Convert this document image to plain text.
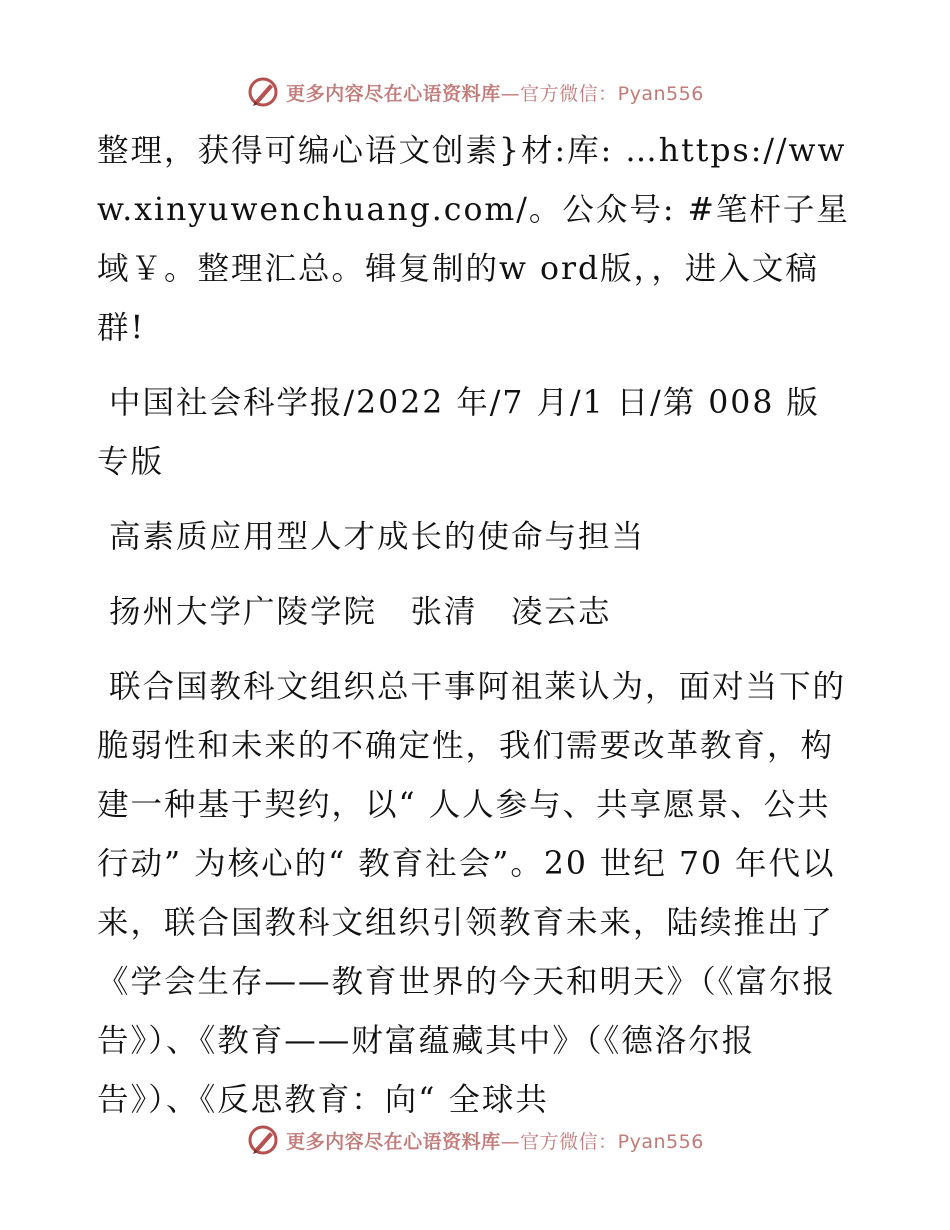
更多内容尽在心语资料库—官方微信：Pyan556

整理，获得可编心语文创素}材:库: …https://www.xinyuwenchuang.com/。公众号: #笔杆子星域￥。整理汇总。辑复制的w ord版，，进入文稿群!

中国社会科学报/2022 年/7 月/1 日/第 008 版专版

高素质应用型人才成长的使命与担当

扬州大学广陵学院　张清　凌云志

联合国教科文组织总干事阿祖莱认为，面对当下的脆弱性和未来的不确定性，我们需要改革教育，构建一种基于契约，以“ 人人参与、共享愿景、公共行动” 为核心的“ 教育社会”。20 世纪 70 年代以来，联合国教科文组织引领教育未来，陆续推出了《学会生存——教育世界的今天和明天》（《富尔报告》）、《教育——财富蕴藏其中》（《德洛尔报告》）、《反思教育：向“ 全球共

更多内容尽在心语资料库—官方微信：Pyan556
